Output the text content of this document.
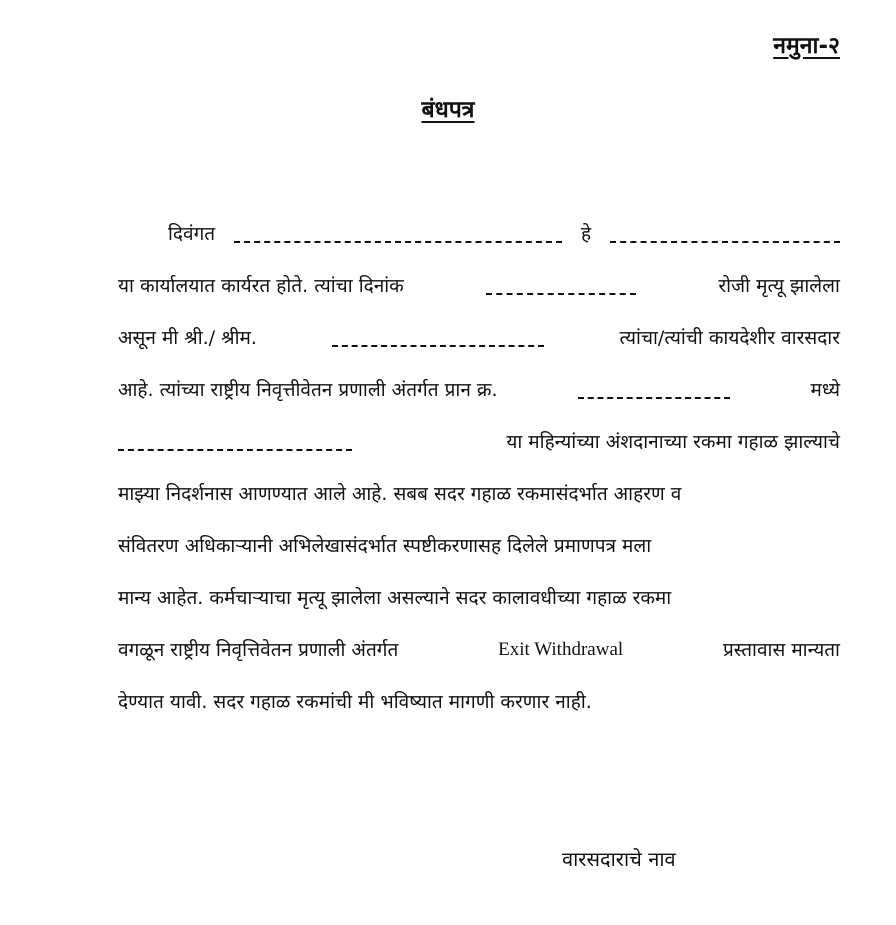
नमुना-२
बंधपत्र
दिवंगत	हे
या कार्यालयात कार्यरत होते. त्यांचा दिनांक	रोजी मृत्यू झालेला
असून मी श्री./ श्रीम.	त्यांचा/त्यांची कायदेशीर वारसदार
आहे. त्यांच्या राष्ट्रीय निवृत्तीवेतन प्रणाली अंतर्गत प्रान क्र.	मध्ये
या महिन्यांच्या अंशदानाच्या रकमा गहाळ झाल्याचे
माझ्या निदर्शनास आणण्यात आले आहे. सबब सदर गहाळ रकमासंदर्भात आहरण व
संवितरण अधिकाऱ्यानी अभिलेखासंदर्भात स्पष्टीकरणासह दिलेले प्रमाणपत्र मला
मान्य आहेत. कर्मचाऱ्याचा मृत्यू झालेला असल्याने सदर कालावधीच्या गहाळ रकमा
वगळून राष्ट्रीय निवृत्तिवेतन प्रणाली अंतर्गत	Exit Withdrawal	प्रस्तावास मान्यता
देण्यात यावी. सदर गहाळ रकमांची मी भविष्यात मागणी करणार नाही.
वारसदाराचे नाव
